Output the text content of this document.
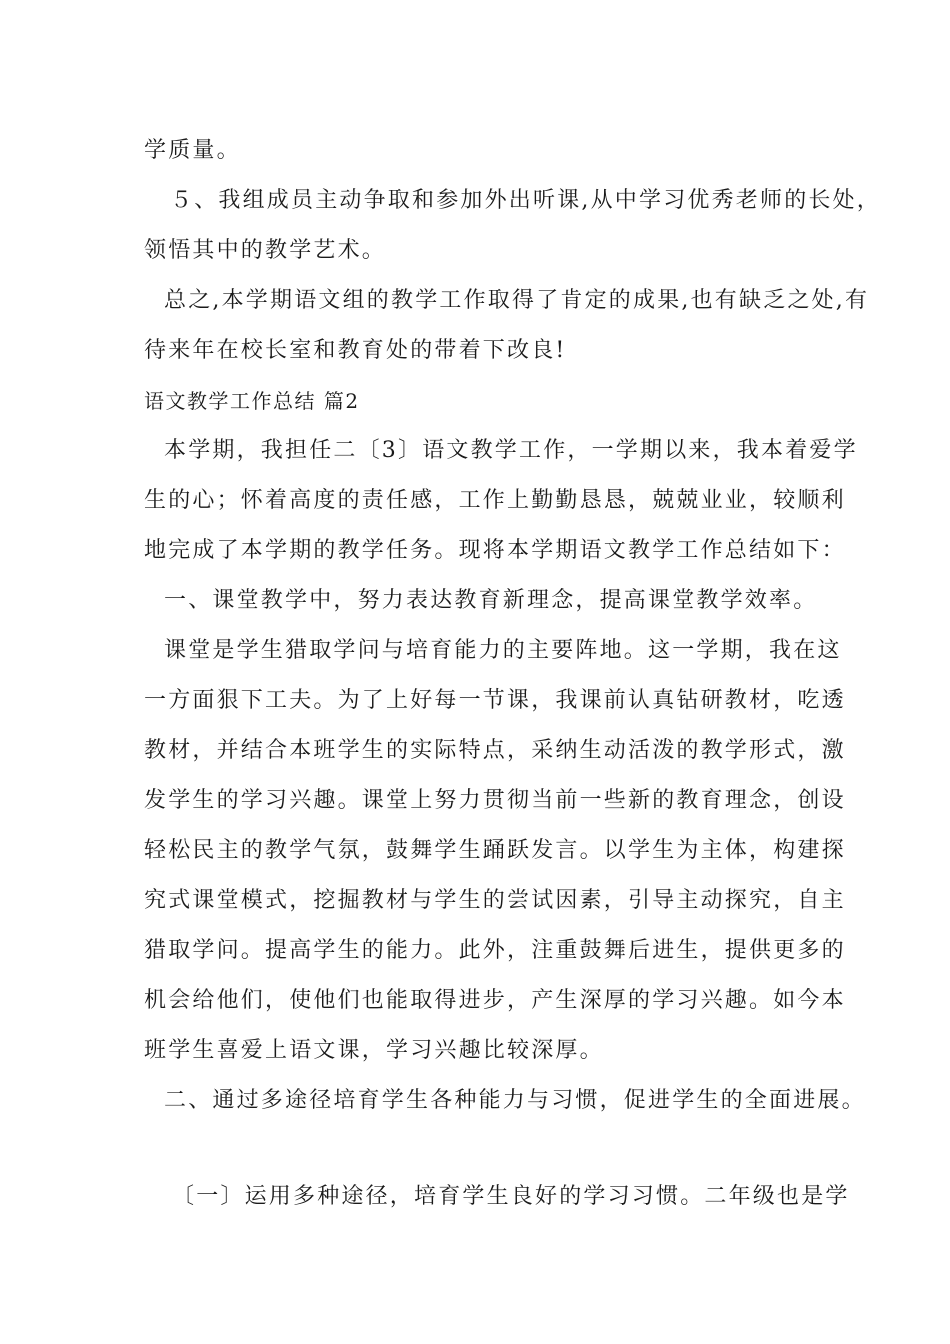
学质量。
５、我组成员主动争取和参加外出听课,从中学习优秀老师的长处，
领悟其中的教学艺术。
总之,本学期语文组的教学工作取得了肯定的成果,也有缺乏之处,有
待来年在校长室和教育处的带着下改良!
语文教学工作总结 篇2
本学期，我担任二〔3〕语文教学工作，一学期以来，我本着爱学
生的心；怀着高度的责任感，工作上勤勤恳恳，兢兢业业，较顺利
地完成了本学期的教学任务。现将本学期语文教学工作总结如下：
一、课堂教学中，努力表达教育新理念，提高课堂教学效率。
课堂是学生猎取学问与培育能力的主要阵地。这一学期，我在这
一方面狠下工夫。为了上好每一节课，我课前认真钻研教材，吃透
教材，并结合本班学生的实际特点，采纳生动活泼的教学形式，激
发学生的学习兴趣。课堂上努力贯彻当前一些新的教育理念，创设
轻松民主的教学气氛，鼓舞学生踊跃发言。以学生为主体，构建探
究式课堂模式，挖掘教材与学生的尝试因素，引导主动探究，自主
猎取学问。提高学生的能力。此外，注重鼓舞后进生，提供更多的
机会给他们，使他们也能取得进步，产生深厚的学习兴趣。如今本
班学生喜爱上语文课，学习兴趣比较深厚。
二、通过多途径培育学生各种能力与习惯，促进学生的全面进展。
〔一〕运用多种途径，培育学生良好的学习习惯。二年级也是学
